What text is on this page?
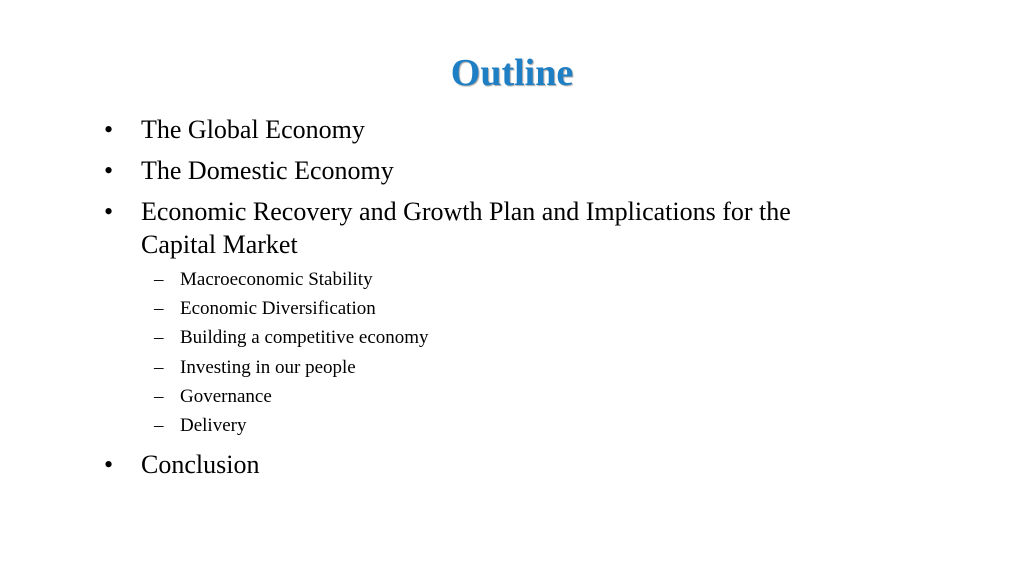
Outline
• The Global Economy
• The Domestic Economy
• Economic Recovery and Growth Plan and Implications for the Capital Market
– Macroeconomic Stability
– Economic Diversification
– Building a competitive economy
– Investing in our people
– Governance
– Delivery
• Conclusion
